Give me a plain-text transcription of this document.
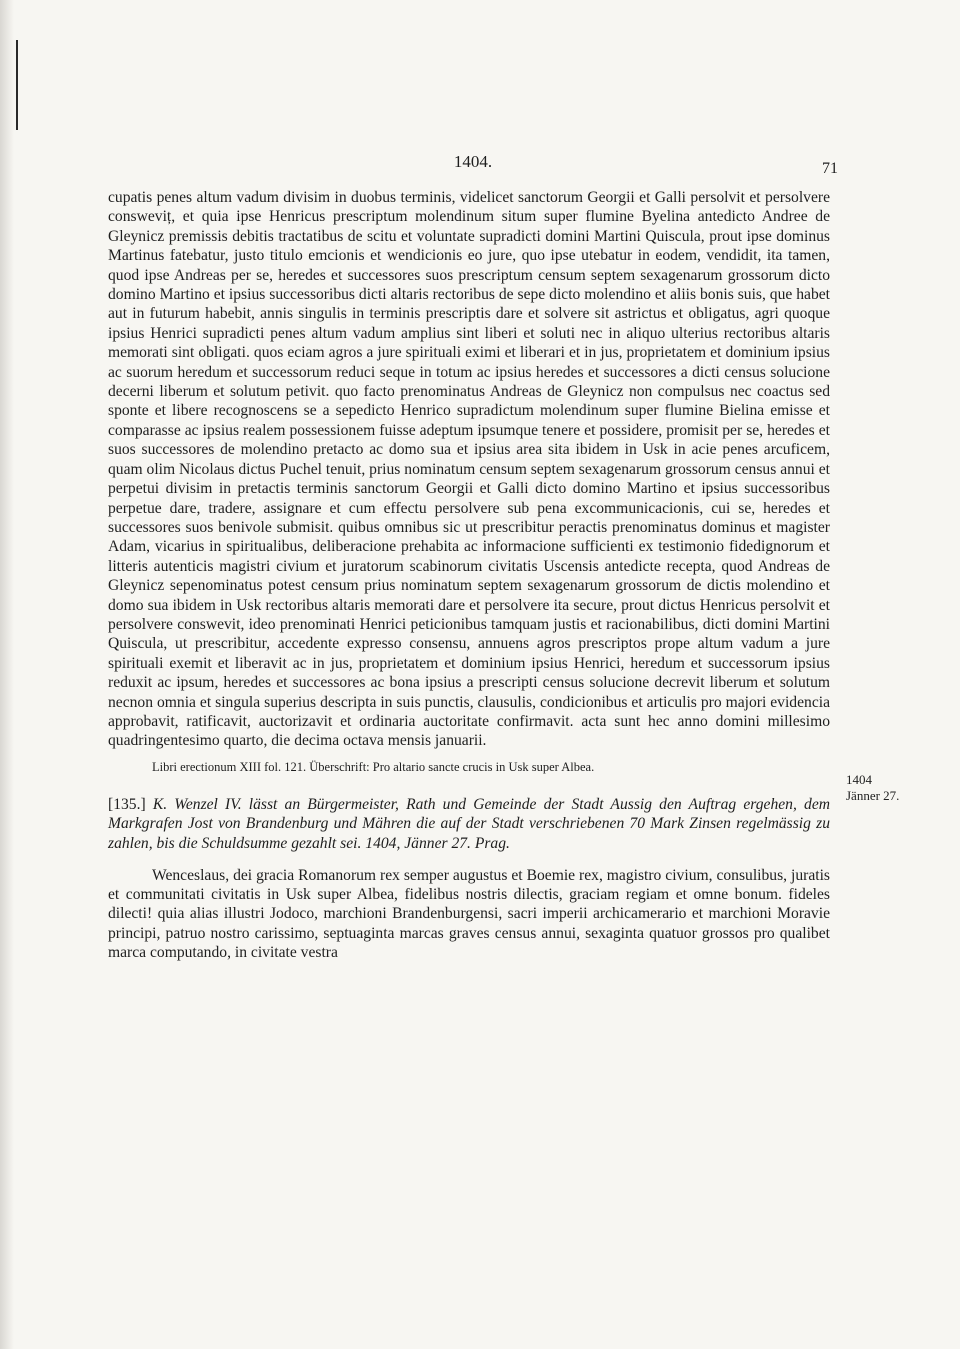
1404.	71
1404
Jänner 27.

cupatis penes altum vadum divisim in duobus terminis, videlicet sanctorum Georgii et Galli persolvit et persolvere consweviț, et quia ipse Henricus prescriptum molendinum situm super flumine Byelina antedicto Andree de Gleynicz premissis debitis tractatibus de scitu et voluntate supradicti domini Martini Quiscula, prout ipse dominus Martinus fatebatur, justo titulo emcionis et wendicionis eo jure, quo ipse utebatur in eodem, vendidit, ita tamen, quod ipse Andreas per se, heredes et successores suos prescriptum censum septem sexagenarum grossorum dicto domino Martino et ipsius successoribus dicti altaris rectoribus de sepe dicto molendino et aliis bonis suis, que habet aut in futurum habebit, annis singulis in terminis prescriptis dare et solvere sit astrictus et obligatus, agri quoque ipsius Henrici supradicti penes altum vadum amplius sint liberi et soluti nec in aliquo ulterius rectoribus altaris memorati sint obligati. quos eciam agros a jure spirituali eximi et liberari et in jus, proprietatem et dominium ipsius ac suorum heredum et successorum reduci seque in totum ac ipsius heredes et successores a dicti census solucione decerni liberum et solutum petivit. quo facto prenominatus Andreas de Gleynicz non compulsus nec coactus sed sponte et libere recognoscens se a sepedicto Henrico supradictum molendinum super flumine Bielina emisse et comparasse ac ipsius realem possessionem fuisse adeptum ipsumque tenere et possidere, promisit per se, heredes et suos successores de molendino pretacto ac domo sua et ipsius area sita ibidem in Usk in acie penes arcuficem, quam olim Nicolaus dictus Puchel tenuit, prius nominatum censum septem sexagenarum grossorum census annui et perpetui divisim in pretactis terminis sanctorum Georgii et Galli dicto domino Martino et ipsius successoribus perpetue dare, tradere, assignare et cum effectu persolvere sub pena excommunicacionis, cui se, heredes et successores suos benivole submisit. quibus omnibus sic ut prescribitur peractis prenominatus dominus et magister Adam, vicarius in spiritualibus, deliberacione prehabita ac informacione sufficienti ex testimonio fidedignorum et litteris autenticis magistri civium et juratorum scabinorum civitatis Uscensis antedicte recepta, quod Andreas de Gleynicz sepenominatus potest censum prius nominatum septem sexagenarum grossorum de dictis molendino et domo sua ibidem in Usk rectoribus altaris memorati dare et persolvere ita secure, prout dictus Henricus persolvit et persolvere conswevit, ideo prenominati Henrici peticionibus tamquam justis et racionabilibus, dicti domini Martini Quiscula, ut prescribitur, accedente expresso consensu, annuens agros prescriptos prope altum vadum a jure spirituali exemit et liberavit ac in jus, proprietatem et dominium ipsius Henrici, heredum et successorum ipsius reduxit ac ipsum, heredes et successores ac bona ipsius a prescripti census solucione decrevit liberum et solutum necnon omnia et singula superius descripta in suis punctis, clausulis, condicionibus et articulis pro majori evidencia approbavit, ratificavit, auctorizavit et ordinaria auctoritate confirmavit. acta sunt hec anno domini millesimo quadringentesimo quarto, die decima octava mensis januarii.

Libri erectionum XIII fol. 121. Überschrift: Pro altario sancte crucis in Usk super Albea.

[135.] K. Wenzel IV. lässt an Bürgermeister, Rath und Gemeinde der Stadt Aussig den Auftrag ergehen, dem Markgrafen Jost von Brandenburg und Mähren die auf der Stadt verschriebenen 70 Mark Zinsen regelmässig zu zahlen, bis die Schuldsumme gezahlt sei. 1404, Jänner 27. Prag.

Wenceslaus, dei gracia Romanorum rex semper augustus et Boemie rex, magistro civium, consulibus, juratis et communitati civitatis in Usk super Albea, fidelibus nostris dilectis, graciam regiam et omne bonum. fideles dilecti! quia alias illustri Jodoco, marchioni Brandenburgensi, sacri imperii archicamerario et marchioni Moravie principi, patruo nostro carissimo, septuaginta marcas graves census annui, sexaginta quatuor grossos pro qualibet marca computando, in civitate vestra
